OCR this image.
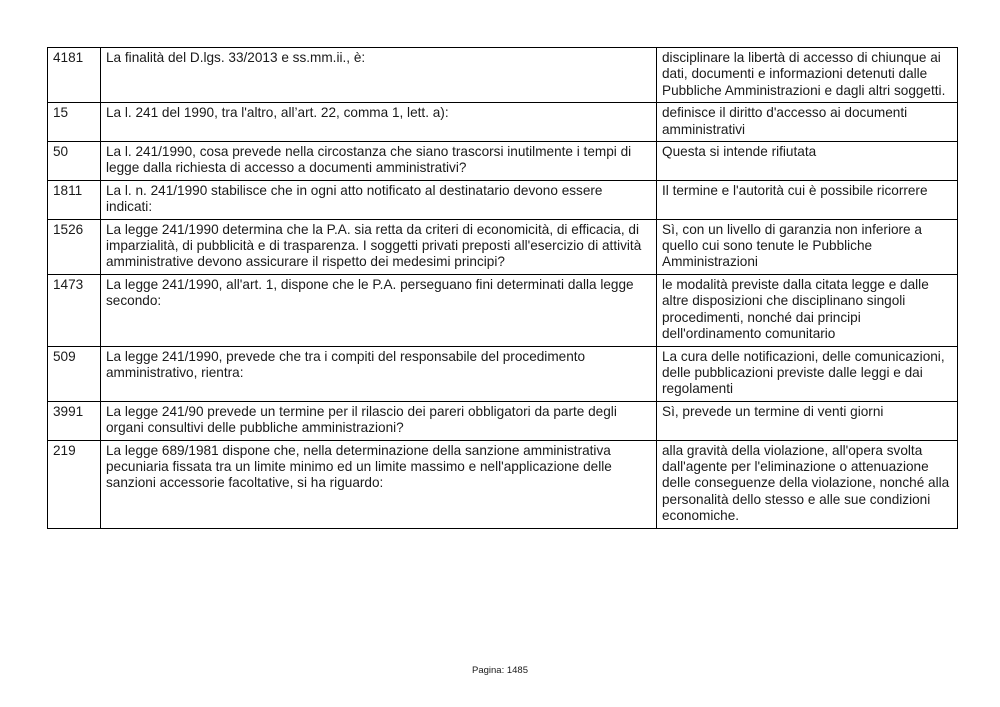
4181	La finalità del D.lgs. 33/2013 e ss.mm.ii., è:	disciplinare la libertà di accesso di chiunque ai dati, documenti e informazioni detenuti dalle Pubbliche Amministrazioni e dagli altri soggetti.
15	La l. 241 del 1990, tra l'altro, all’art. 22, comma 1, lett. a):	definisce il diritto d'accesso ai documenti amministrativi
50	La l. 241/1990, cosa prevede nella circostanza che siano trascorsi inutilmente i tempi di legge dalla richiesta di accesso a documenti amministrativi?	Questa si intende rifiutata
1811	La l. n. 241/1990 stabilisce che in ogni atto notificato al destinatario devono essere indicati:	Il termine e l'autorità cui è possibile ricorrere
1526	La legge 241/1990 determina che la P.A. sia retta da criteri di economicità, di efficacia, di imparzialità, di pubblicità e di trasparenza. I soggetti privati preposti all'esercizio di attività amministrative devono assicurare il rispetto dei medesimi principi?	Sì, con un livello di garanzia non inferiore a quello cui sono tenute le Pubbliche Amministrazioni
1473	La legge 241/1990, all'art. 1, dispone che le P.A. perseguano fini determinati dalla legge secondo:	le modalità previste dalla citata legge e dalle altre disposizioni che disciplinano singoli procedimenti, nonché dai principi dell'ordinamento comunitario
509	La legge 241/1990, prevede che tra i compiti del responsabile del procedimento amministrativo, rientra:	La cura delle notificazioni, delle comunicazioni, delle pubblicazioni previste dalle leggi e dai regolamenti
3991	La legge 241/90 prevede un termine per il rilascio dei pareri obbligatori da parte degli organi consultivi delle pubbliche amministrazioni?	Sì, prevede un termine di venti giorni
219	La legge 689/1981 dispone che, nella determinazione della sanzione amministrativa pecuniaria fissata tra un limite minimo ed un limite massimo e nell'applicazione delle sanzioni accessorie facoltative, si ha riguardo:	alla gravità della violazione, all'opera svolta dall'agente per l'eliminazione o attenuazione delle conseguenze della violazione, nonché alla personalità dello stesso e alle sue condizioni economiche.
Pagina: 1485
